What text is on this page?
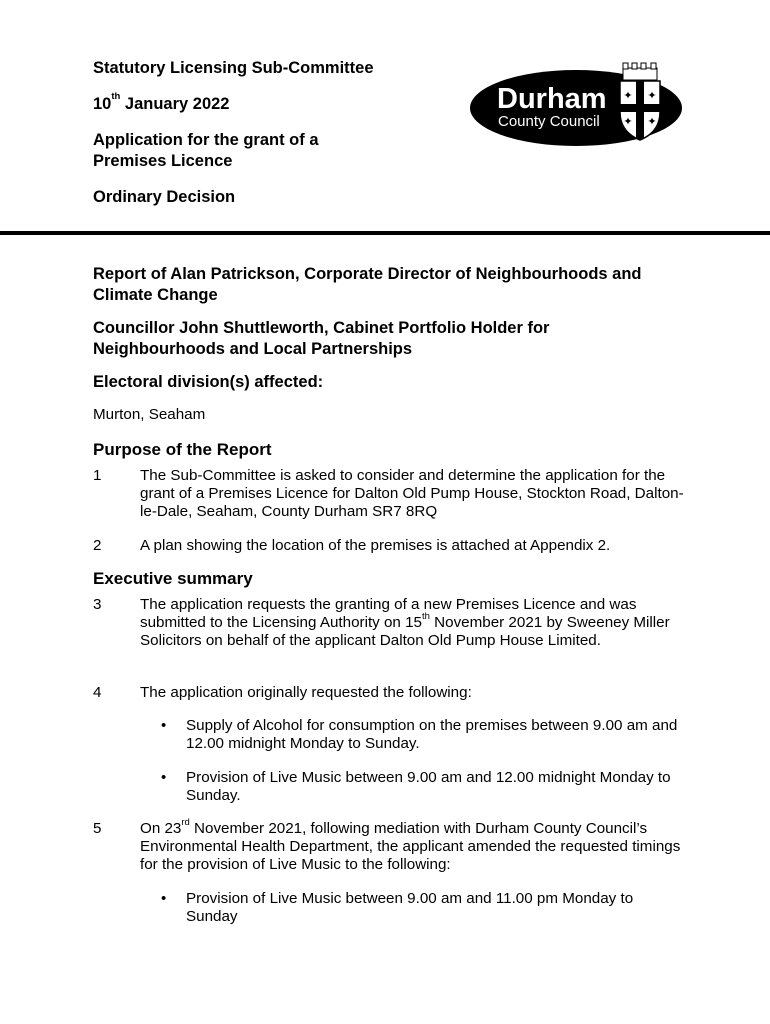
Statutory Licensing Sub-Committee
10th January 2022
Application for the grant of a
Premises Licence
Ordinary Decision
Durham
County Council
✦ ✦
✦ ✦
Report of Alan Patrickson, Corporate Director of Neighbourhoods and Climate Change
Councillor John Shuttleworth, Cabinet Portfolio Holder for Neighbourhoods and Local Partnerships
Electoral division(s) affected:
Murton, Seaham
Purpose of the Report
1	The Sub-Committee is asked to consider and determine the application for the grant of a Premises Licence for Dalton Old Pump House, Stockton Road, Dalton-le-Dale, Seaham, County Durham SR7 8RQ
2	A plan showing the location of the premises is attached at Appendix 2.
Executive summary
3	The application requests the granting of a new Premises Licence and was submitted to the Licensing Authority on 15th November 2021 by Sweeney Miller Solicitors on behalf of the applicant Dalton Old Pump House Limited.
4	The application originally requested the following:
• Supply of Alcohol for consumption on the premises between 9.00 am and 12.00 midnight Monday to Sunday.
• Provision of Live Music between 9.00 am and 12.00 midnight Monday to Sunday.
5	On 23rd November 2021, following mediation with Durham County Council’s Environmental Health Department, the applicant amended the requested timings for the provision of Live Music to the following:
• Provision of Live Music between 9.00 am and 11.00 pm Monday to Sunday
